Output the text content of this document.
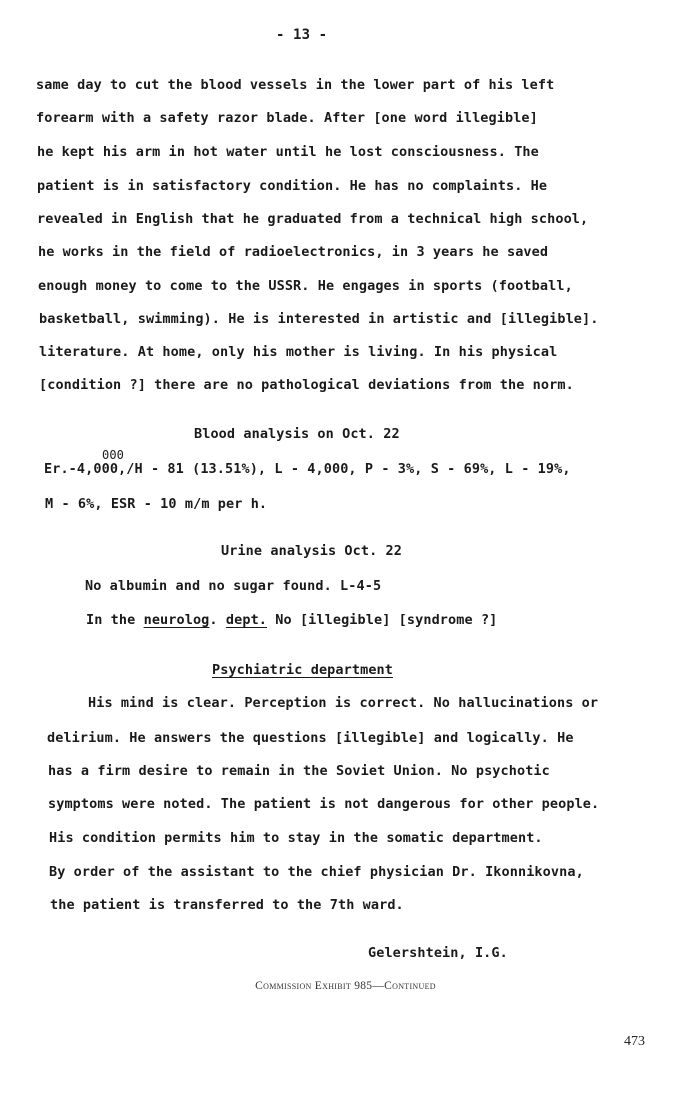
- 13 -
same day to cut the blood vessels in the lower part of his left
forearm with a safety razor blade. After [one word illegible]
he kept his arm in hot water until he lost consciousness. The
patient is in satisfactory condition. He has no complaints. He
revealed in English that he graduated from a technical high school,
he works in the field of radioelectronics, in 3 years he saved
enough money to come to the USSR. He engages in sports (football,
basketball, swimming). He is interested in artistic and [illegible].
literature. At home, only his mother is living. In his physical
[condition ?] there are no pathological deviations from the norm.
Blood analysis on Oct. 22
000
Er.-4,000,/H - 81 (13.51%), L - 4,000, P - 3%, S - 69%, L - 19%,
M - 6%, ESR - 10 m/m per h.
Urine analysis Oct. 22
No albumin and no sugar found. L-4-5
In the neurolog. dept. No [illegible] [syndrome ?]
Psychiatric department
His mind is clear. Perception is correct. No hallucinations or
delirium. He answers the questions [illegible] and logically. He
has a firm desire to remain in the Soviet Union. No psychotic
symptoms were noted. The patient is not dangerous for other people.
His condition permits him to stay in the somatic department.
By order of the assistant to the chief physician Dr. Ikonnikovna,
the patient is transferred to the 7th ward.
Gelershtein, I.G.
Commission Exhibit 985—Continued
473
